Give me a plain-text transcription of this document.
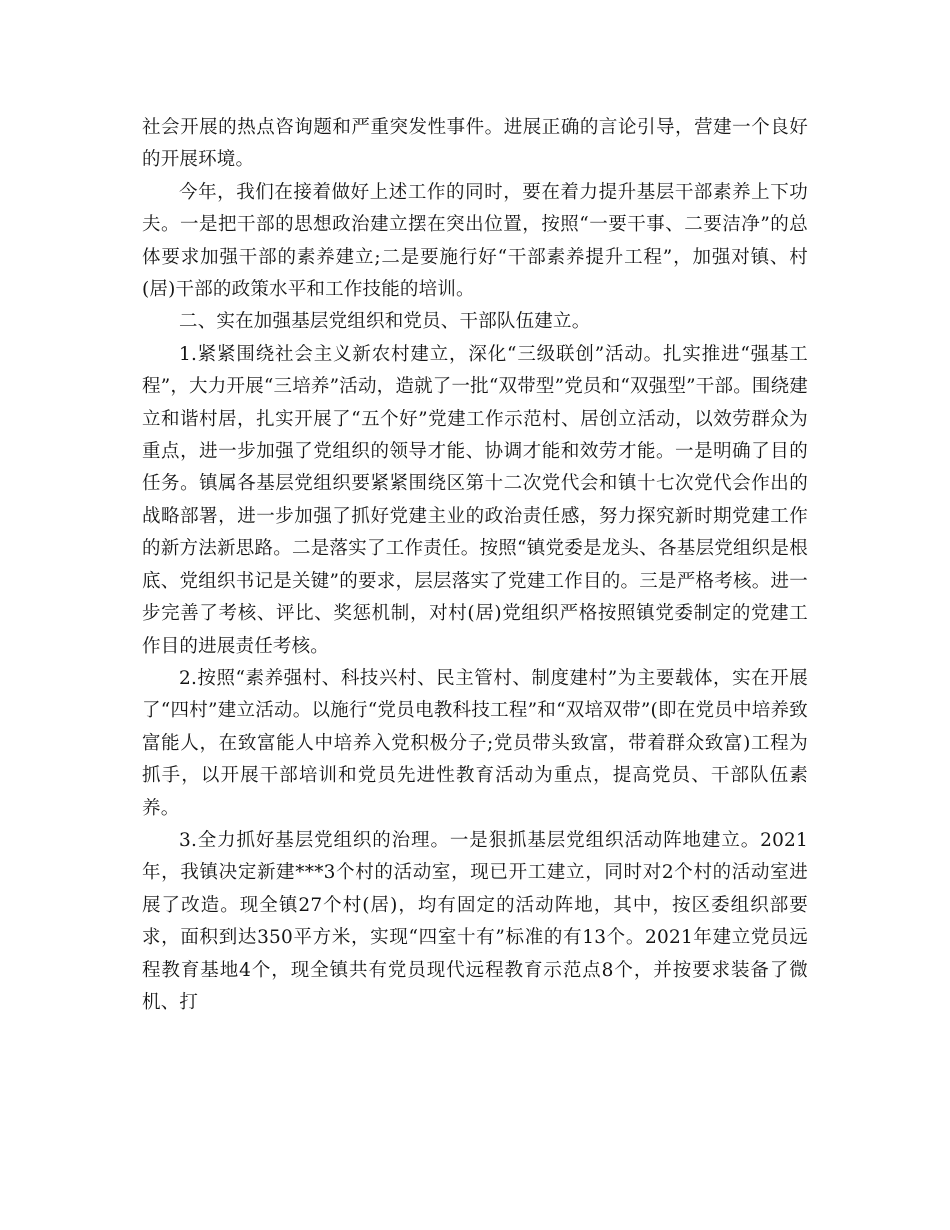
社会开展的热点咨询题和严重突发性事件。进展正确的言论引导，营建一个良好的开展环境。

今年，我们在接着做好上述工作的同时，要在着力提升基层干部素养上下功夫。一是把干部的思想政治建立摆在突出位置，按照“一要干事、二要洁净”的总体要求加强干部的素养建立;二是要施行好“干部素养提升工程”，加强对镇、村(居)干部的政策水平和工作技能的培训。

二、实在加强基层党组织和党员、干部队伍建立。

1.紧紧围绕社会主义新农村建立，深化“三级联创”活动。扎实推进“强基工程”，大力开展“三培养”活动，造就了一批“双带型”党员和“双强型”干部。围绕建立和谐村居，扎实开展了“五个好”党建工作示范村、居创立活动，以效劳群众为重点，进一步加强了党组织的领导才能、协调才能和效劳才能。一是明确了目的任务。镇属各基层党组织要紧紧围绕区第十二次党代会和镇十七次党代会作出的战略部署，进一步加强了抓好党建主业的政治责任感，努力探究新时期党建工作的新方法新思路。二是落实了工作责任。按照“镇党委是龙头、各基层党组织是根底、党组织书记是关键”的要求，层层落实了党建工作目的。三是严格考核。进一步完善了考核、评比、奖惩机制，对村(居)党组织严格按照镇党委制定的党建工作目的进展责任考核。

2.按照“素养强村、科技兴村、民主管村、制度建村”为主要载体，实在开展了“四村”建立活动。以施行“党员电教科技工程”和“双培双带”(即在党员中培养致富能人，在致富能人中培养入党积极分子;党员带头致富，带着群众致富)工程为抓手，以开展干部培训和党员先进性教育活动为重点，提高党员、干部队伍素养。

3.全力抓好基层党组织的治理。一是狠抓基层党组织活动阵地建立。2021年，我镇决定新建***3个村的活动室，现已开工建立，同时对2个村的活动室进展了改造。现全镇27个村(居)，均有固定的活动阵地，其中，按区委组织部要求，面积到达350平方米，实现“四室十有”标准的有13个。2021年建立党员远程教育基地4个，现全镇共有党员现代远程教育示范点8个，并按要求装备了微机、打
